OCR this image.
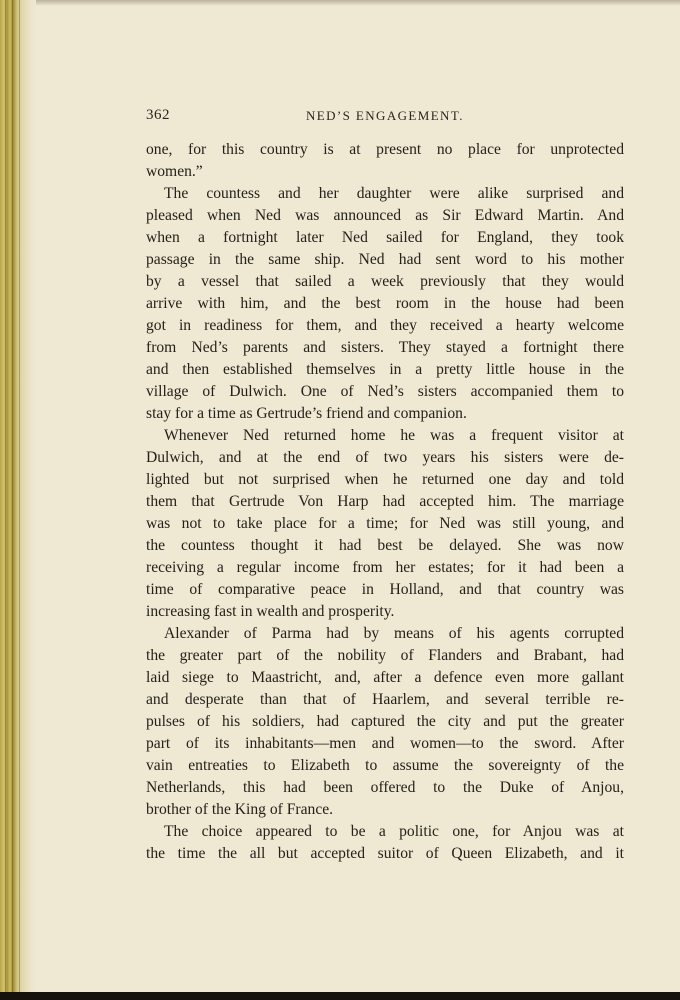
362	NED’S ENGAGEMENT.
one, for this country is at present no place for unprotected
women.”
The countess and her daughter were alike surprised and
pleased when Ned was announced as Sir Edward Martin. And
when a fortnight later Ned sailed for England, they took
passage in the same ship. Ned had sent word to his mother
by a vessel that sailed a week previously that they would
arrive with him, and the best room in the house had been
got in readiness for them, and they received a hearty welcome
from Ned’s parents and sisters. They stayed a fortnight there
and then established themselves in a pretty little house in the
village of Dulwich. One of Ned’s sisters accompanied them to
stay for a time as Gertrude’s friend and companion.
Whenever Ned returned home he was a frequent visitor at
Dulwich, and at the end of two years his sisters were de-
lighted but not surprised when he returned one day and told
them that Gertrude Von Harp had accepted him. The marriage
was not to take place for a time; for Ned was still young, and
the countess thought it had best be delayed. She was now
receiving a regular income from her estates; for it had been a
time of comparative peace in Holland, and that country was
increasing fast in wealth and prosperity.
Alexander of Parma had by means of his agents corrupted
the greater part of the nobility of Flanders and Brabant, had
laid siege to Maastricht, and, after a defence even more gallant
and desperate than that of Haarlem, and several terrible re-
pulses of his soldiers, had captured the city and put the greater
part of its inhabitants—men and women—to the sword. After
vain entreaties to Elizabeth to assume the sovereignty of the
Netherlands, this had been offered to the Duke of Anjou,
brother of the King of France.
The choice appeared to be a politic one, for Anjou was at
the time the all but accepted suitor of Queen Elizabeth, and it
